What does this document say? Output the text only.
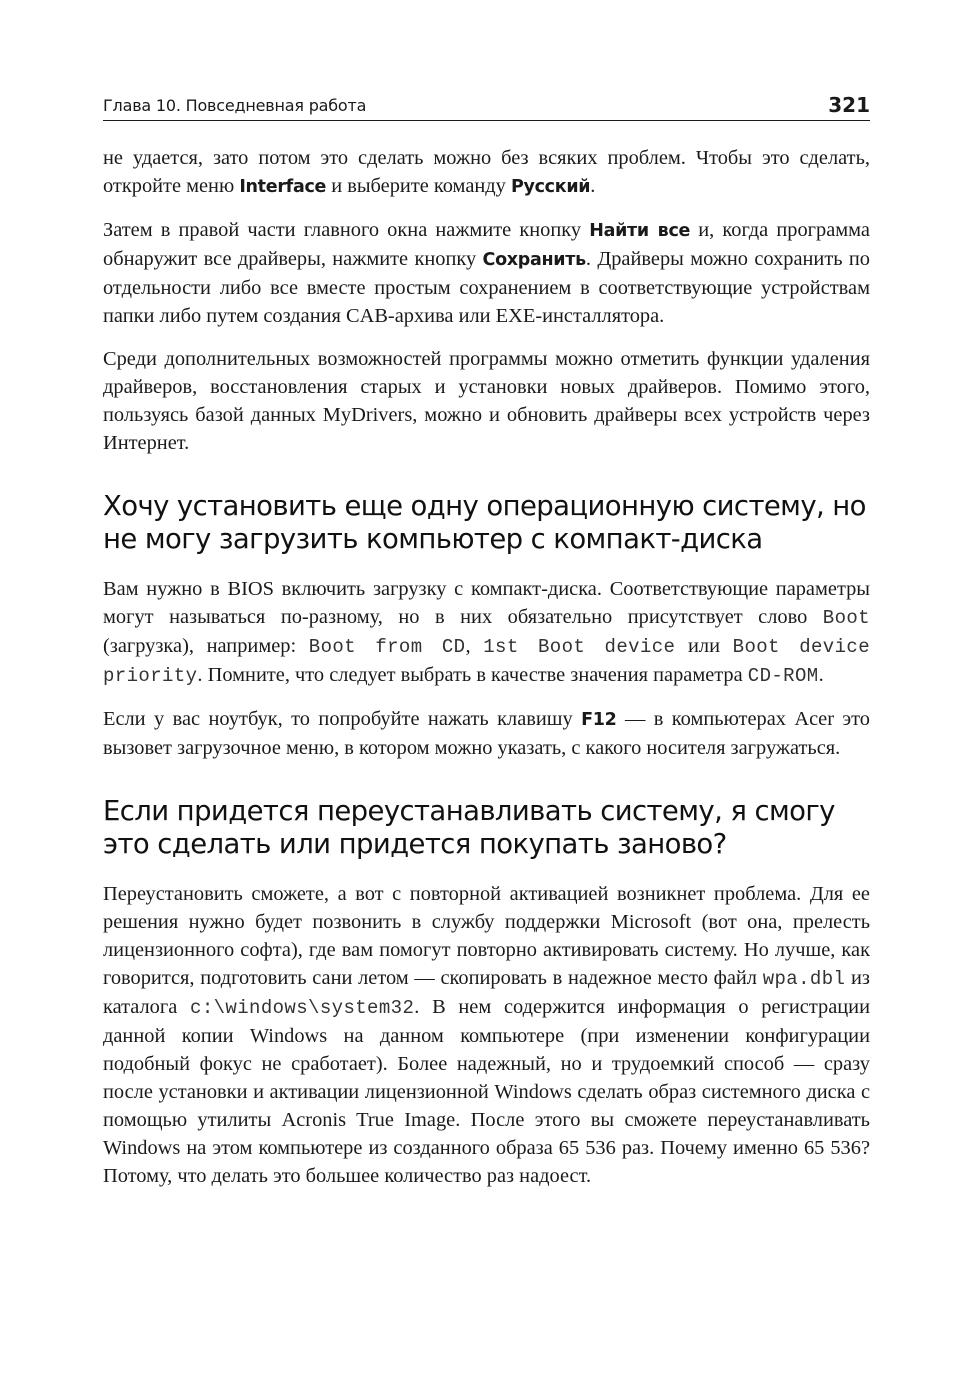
Глава 10. Повседневная работа	321

не удается, зато потом это сделать можно без всяких проблем. Чтобы это сделать, откройте меню Interface и выберите команду Русский.

Затем в правой части главного окна нажмите кнопку Найти все и, когда программа обнаружит все драйверы, нажмите кнопку Сохранить. Драйверы можно сохранить по отдельности либо все вместе простым сохранением в соответствующие устройствам папки либо путем создания CAB-архива или EXE-инсталлятора.

Среди дополнительных возможностей программы можно отметить функции удаления драйверов, восстановления старых и установки новых драйверов. Помимо этого, пользуясь базой данных MyDrivers, можно и обновить драйверы всех устройств через Интернет.

Хочу установить еще одну операционную систему, но не могу загрузить компьютер с компакт-диска

Вам нужно в BIOS включить загрузку с компакт-диска. Соответствующие параметры могут называться по-разному, но в них обязательно присутствует слово Boot (загрузка), например: Boot from CD, 1st Boot device или Boot device priority. Помните, что следует выбрать в качестве значения параметра CD-ROM.

Если у вас ноутбук, то попробуйте нажать клавишу F12 — в компьютерах Acer это вызовет загрузочное меню, в котором можно указать, с какого носителя загружаться.

Если придется переустанавливать систему, я смогу это сделать или придется покупать заново?

Переустановить сможете, а вот с повторной активацией возникнет проблема. Для ее решения нужно будет позвонить в службу поддержки Microsoft (вот она, прелесть лицензионного софта), где вам помогут повторно активировать систему. Но лучше, как говорится, подготовить сани летом — скопировать в надежное место файл wpa.dbl из каталога c:\windows\system32. В нем содержится информация о регистрации данной копии Windows на данном компьютере (при изменении конфигурации подобный фокус не сработает). Более надежный, но и трудоемкий способ — сразу после установки и активации лицензионной Windows сделать образ системного диска с помощью утилиты Acronis True Image. После этого вы сможете переустанавливать Windows на этом компьютере из созданного образа 65 536 раз. Почему именно 65 536? Потому, что делать это большее количество раз надоест.
